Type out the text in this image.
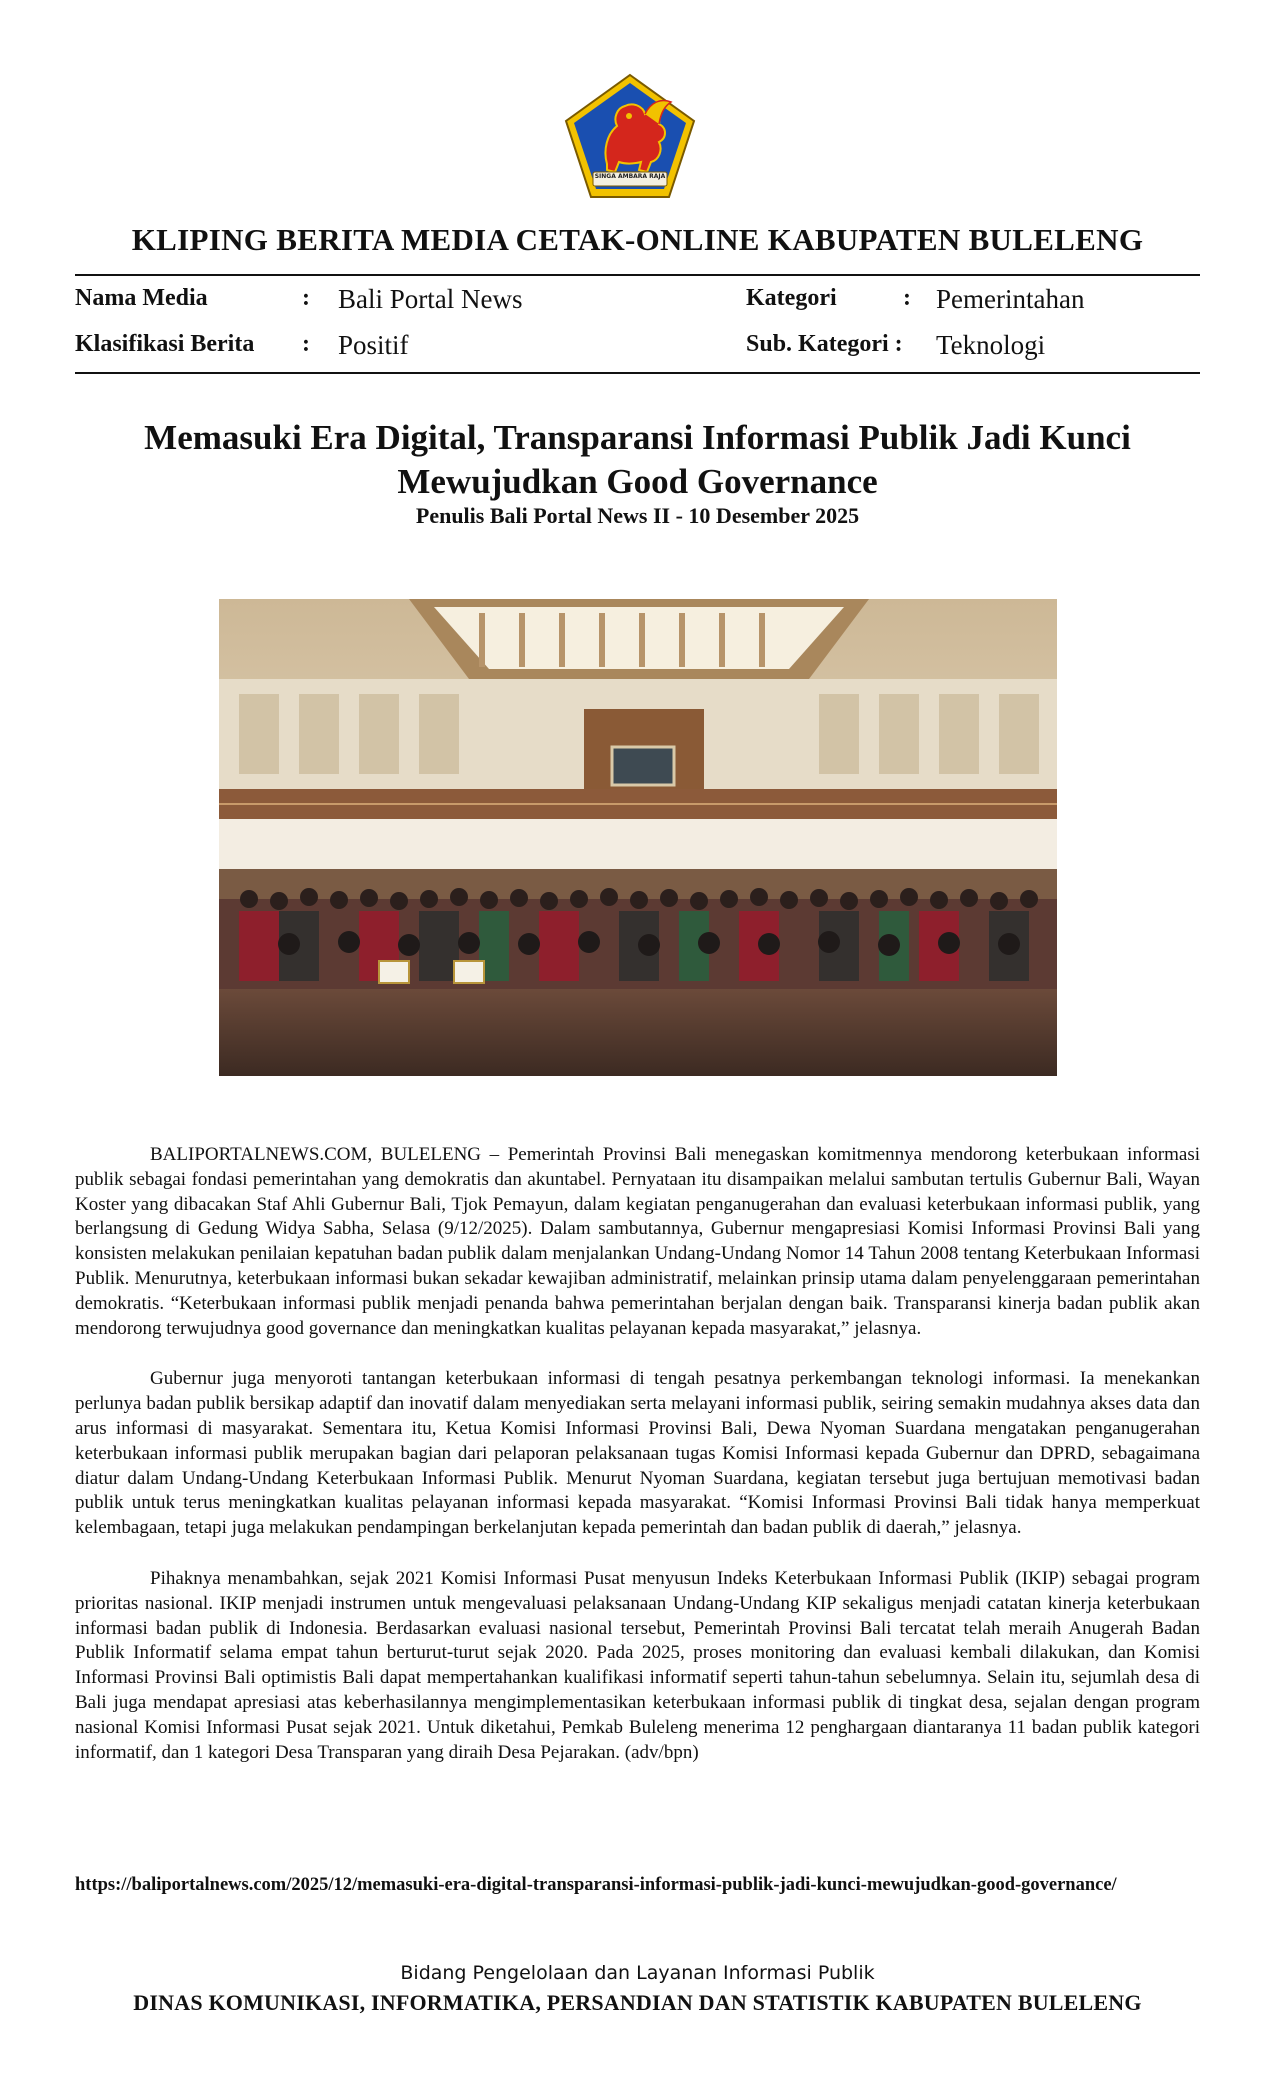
SINGA AMBARA RAJA
KLIPING BERITA MEDIA CETAK-ONLINE KABUPATEN BULELENG
Nama Media	: Bali Portal News	Kategori	: Pemerintahan
Klasifikasi Berita : Positif	Sub. Kategori : Teknologi
Memasuki Era Digital, Transparansi Informasi Publik Jadi Kunci
Mewujudkan Good Governance
Penulis Bali Portal News II - 10 Desember 2025

BALIPORTALNEWS.COM, BULELENG – Pemerintah Provinsi Bali menegaskan komitmennya mendorong keterbukaan informasi publik sebagai fondasi pemerintahan yang demokratis dan akuntabel. Pernyataan itu disampaikan melalui sambutan tertulis Gubernur Bali, Wayan Koster yang dibacakan Staf Ahli Gubernur Bali, Tjok Pemayun, dalam kegiatan penganugerahan dan evaluasi keterbukaan informasi publik, yang berlangsung di Gedung Widya Sabha, Selasa (9/12/2025). Dalam sambutannya, Gubernur mengapresiasi Komisi Informasi Provinsi Bali yang konsisten melakukan penilaian kepatuhan badan publik dalam menjalankan Undang-Undang Nomor 14 Tahun 2008 tentang Keterbukaan Informasi Publik. Menurutnya, keterbukaan informasi bukan sekadar kewajiban administratif, melainkan prinsip utama dalam penyelenggaraan pemerintahan demokratis. “Keterbukaan informasi publik menjadi penanda bahwa pemerintahan berjalan dengan baik. Transparansi kinerja badan publik akan mendorong terwujudnya good governance dan meningkatkan kualitas pelayanan kepada masyarakat,” jelasnya.

Gubernur juga menyoroti tantangan keterbukaan informasi di tengah pesatnya perkembangan teknologi informasi. Ia menekankan perlunya badan publik bersikap adaptif dan inovatif dalam menyediakan serta melayani informasi publik, seiring semakin mudahnya akses data dan arus informasi di masyarakat. Sementara itu, Ketua Komisi Informasi Provinsi Bali, Dewa Nyoman Suardana mengatakan penganugerahan keterbukaan informasi publik merupakan bagian dari pelaporan pelaksanaan tugas Komisi Informasi kepada Gubernur dan DPRD, sebagaimana diatur dalam Undang-Undang Keterbukaan Informasi Publik. Menurut Nyoman Suardana, kegiatan tersebut juga bertujuan memotivasi badan publik untuk terus meningkatkan kualitas pelayanan informasi kepada masyarakat. “Komisi Informasi Provinsi Bali tidak hanya memperkuat kelembagaan, tetapi juga melakukan pendampingan berkelanjutan kepada pemerintah dan badan publik di daerah,” jelasnya.

Pihaknya menambahkan, sejak 2021 Komisi Informasi Pusat menyusun Indeks Keterbukaan Informasi Publik (IKIP) sebagai program prioritas nasional. IKIP menjadi instrumen untuk mengevaluasi pelaksanaan Undang-Undang KIP sekaligus menjadi catatan kinerja keterbukaan informasi badan publik di Indonesia. Berdasarkan evaluasi nasional tersebut, Pemerintah Provinsi Bali tercatat telah meraih Anugerah Badan Publik Informatif selama empat tahun berturut-turut sejak 2020. Pada 2025, proses monitoring dan evaluasi kembali dilakukan, dan Komisi Informasi Provinsi Bali optimistis Bali dapat mempertahankan kualifikasi informatif seperti tahun-tahun sebelumnya. Selain itu, sejumlah desa di Bali juga mendapat apresiasi atas keberhasilannya mengimplementasikan keterbukaan informasi publik di tingkat desa, sejalan dengan program nasional Komisi Informasi Pusat sejak 2021. Untuk diketahui, Pemkab Buleleng menerima 12 penghargaan diantaranya 11 badan publik kategori informatif, dan 1 kategori Desa Transparan yang diraih Desa Pejarakan. (adv/bpn)

https://baliportalnews.com/2025/12/memasuki-era-digital-transparansi-informasi-publik-jadi-kunci-mewujudkan-good-governance/
Bidang Pengelolaan dan Layanan Informasi Publik
DINAS KOMUNIKASI, INFORMATIKA, PERSANDIAN DAN STATISTIK KABUPATEN BULELENG
